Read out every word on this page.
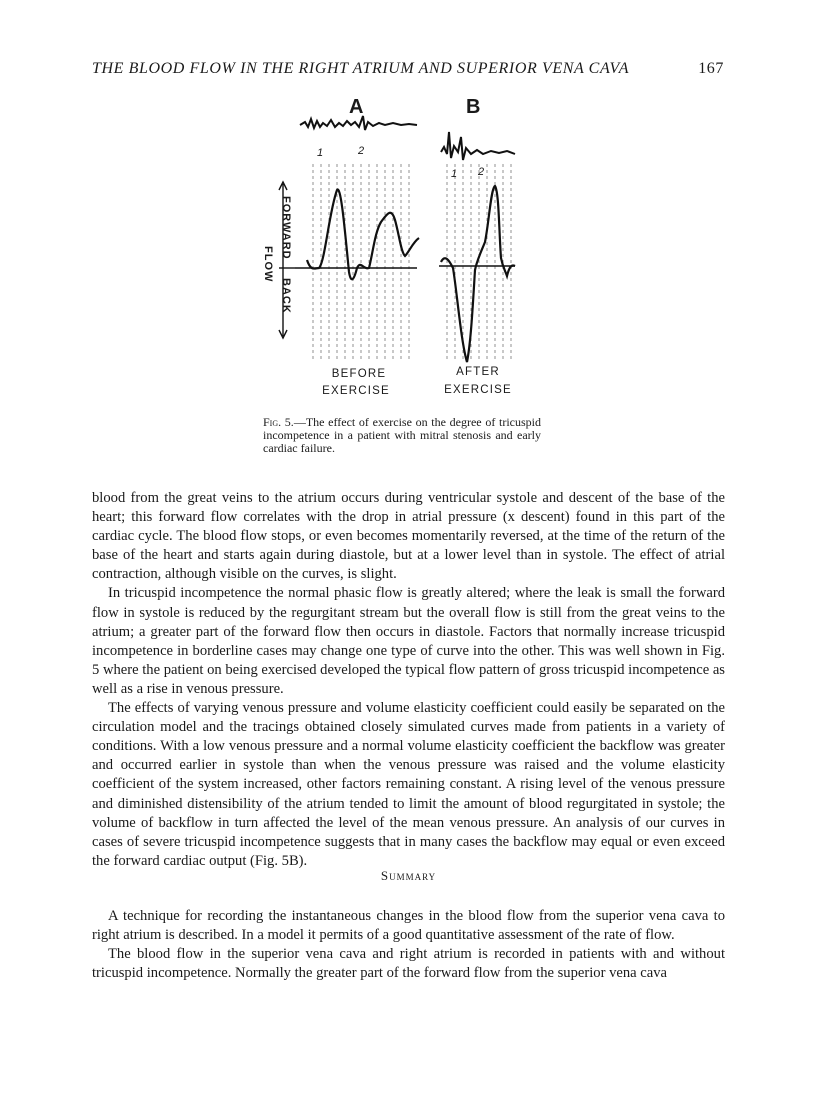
THE BLOOD FLOW IN THE RIGHT ATRIUM AND SUPERIOR VENA CAVA	167
A	B
1	2
1 2
FORWARD
FLOW
BACK
BEFORE
EXERCISE
AFTER
EXERCISE
Fig. 5.—The effect of exercise on the degree of tricuspid incompetence in a patient with mitral stenosis and early cardiac failure.

blood from the great veins to the atrium occurs during ventricular systole and descent of the base of the heart; this forward flow correlates with the drop in atrial pressure (x descent) found in this part of the cardiac cycle. The blood flow stops, or even becomes momentarily reversed, at the time of the return of the base of the heart and starts again during diastole, but at a lower level than in systole. The effect of atrial contraction, although visible on the curves, is slight.

In tricuspid incompetence the normal phasic flow is greatly altered; where the leak is small the forward flow in systole is reduced by the regurgitant stream but the overall flow is still from the great veins to the atrium; a greater part of the forward flow then occurs in diastole. Factors that normally increase tricuspid incompetence in borderline cases may change one type of curve into the other. This was well shown in Fig. 5 where the patient on being exercised developed the typical flow pattern of gross tricuspid incompetence as well as a rise in venous pressure.

The effects of varying venous pressure and volume elasticity coefficient could easily be separated on the circulation model and the tracings obtained closely simulated curves made from patients in a variety of conditions. With a low venous pressure and a normal volume elasticity coefficient the backflow was greater and occurred earlier in systole than when the venous pressure was raised and the volume elasticity coefficient of the system increased, other factors remaining constant. A rising level of the venous pressure and diminished distensibility of the atrium tended to limit the amount of blood regurgitated in systole; the volume of backflow in turn affected the level of the mean venous pressure. An analysis of our curves in cases of severe tricuspid incompetence suggests that in many cases the backflow may equal or even exceed the forward cardiac output (Fig. 5B).

Summary

A technique for recording the instantaneous changes in the blood flow from the superior vena cava to right atrium is described. In a model it permits of a good quantitative assessment of the rate of flow.

The blood flow in the superior vena cava and right atrium is recorded in patients with and without tricuspid incompetence. Normally the greater part of the forward flow from the superior vena cava
